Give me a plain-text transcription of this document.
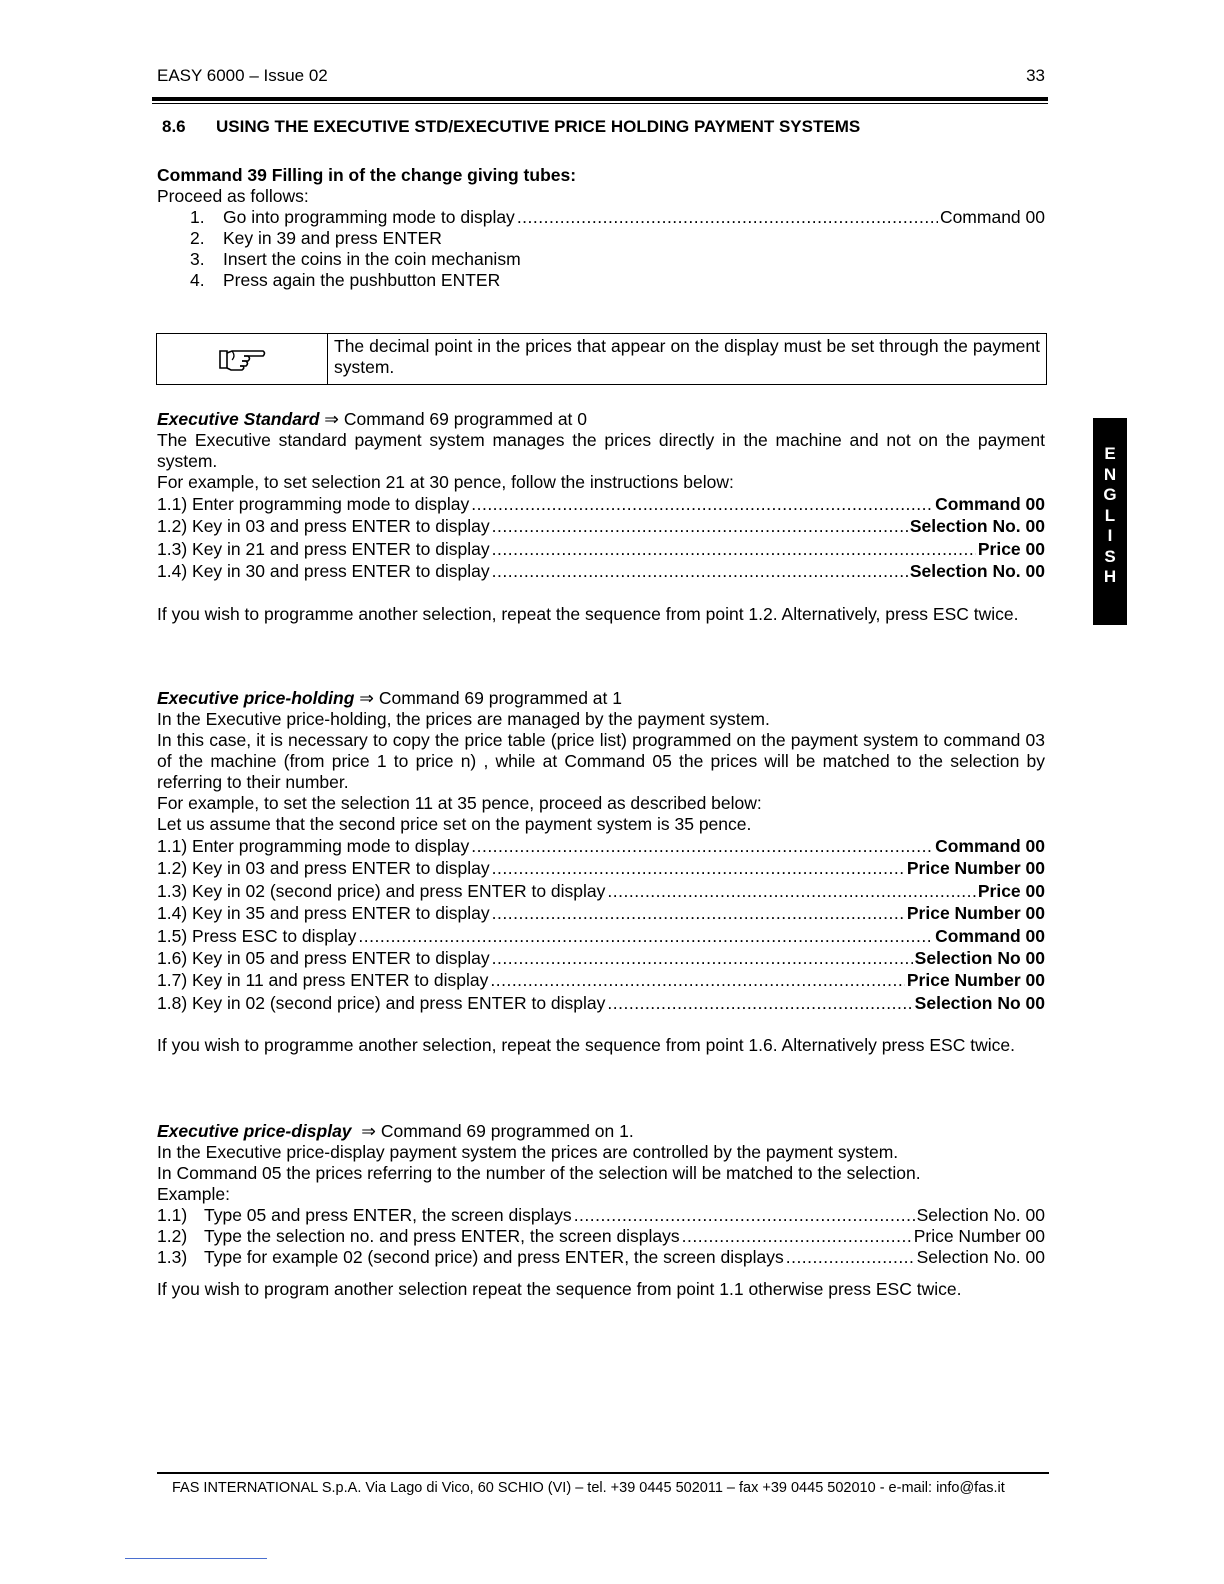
EASY 6000 – Issue 02	33
8.6 USING THE EXECUTIVE STD/EXECUTIVE PRICE HOLDING PAYMENT SYSTEMS
Command 39 Filling in of the change giving tubes:
Proceed as follows:
1. Go into programming mode to display .....	Command 00
2. Key in 39 and press ENTER
3. Insert the coins in the coin mechanism
4. Press again the pushbutton ENTER
The decimal point in the prices that appear on the display must be set through the payment system.
Executive Standard ⇒ Command 69 programmed at 0
The Executive standard payment system manages the prices directly in the machine and not on the payment system.
For example, to set selection 21 at 30 pence, follow the instructions below:
1.1) Enter programming mode to display .....	Command 00
1.2) Key in 03 and press ENTER to display .....	Selection No. 00
1.3) Key in 21 and press ENTER to display .....	Price 00
1.4) Key in 30 and press ENTER to display .....	Selection No. 00
If you wish to programme another selection, repeat the sequence from point 1.2. Alternatively, press ESC twice.
Executive price-holding ⇒ Command 69 programmed at 1
In the Executive price-holding, the prices are managed by the payment system.
In this case, it is necessary to copy the price table (price list) programmed on the payment system to command 03 of the machine (from price 1 to price n) , while at Command 05 the prices will be matched to the selection by referring to their number.
For example, to set the selection 11 at 35 pence, proceed as described below:
Let us assume that the second price set on the payment system is 35 pence.
1.1) Enter programming mode to display .....	Command 00
1.2) Key in 03 and press ENTER to display .....	Price Number 00
1.3) Key in 02 (second price) and press ENTER to display .....	Price 00
1.4) Key in 35 and press ENTER to display .....	Price Number 00
1.5) Press ESC to display .....	Command 00
1.6) Key in 05 and press ENTER to display .....	Selection No 00
1.7) Key in 11 and press ENTER to display .....	Price Number 00
1.8) Key in 02 (second price) and press ENTER to display .....	Selection No 00
If you wish to programme another selection, repeat the sequence from point 1.6. Alternatively press ESC twice.
Executive price-display ⇒ Command 69 programmed on 1.
In the Executive price-display payment system the prices are controlled by the payment system.
In Command 05 the prices referring to the number of the selection will be matched to the selection.
Example:
1.1) Type 05 and press ENTER, the screen displays .....	Selection No. 00
1.2) Type the selection no. and press ENTER, the screen displays .....	Price Number 00
1.3) Type for example 02 (second price) and press ENTER, the screen displays .....	Selection No. 00
If you wish to program another selection repeat the sequence from point 1.1 otherwise press ESC twice.
E
N
G
L
I
S
H
FAS INTERNATIONAL S.p.A. Via Lago di Vico, 60 SCHIO (VI) – tel. +39 0445 502011 – fax +39 0445 502010 - e-mail: info@fas.it
